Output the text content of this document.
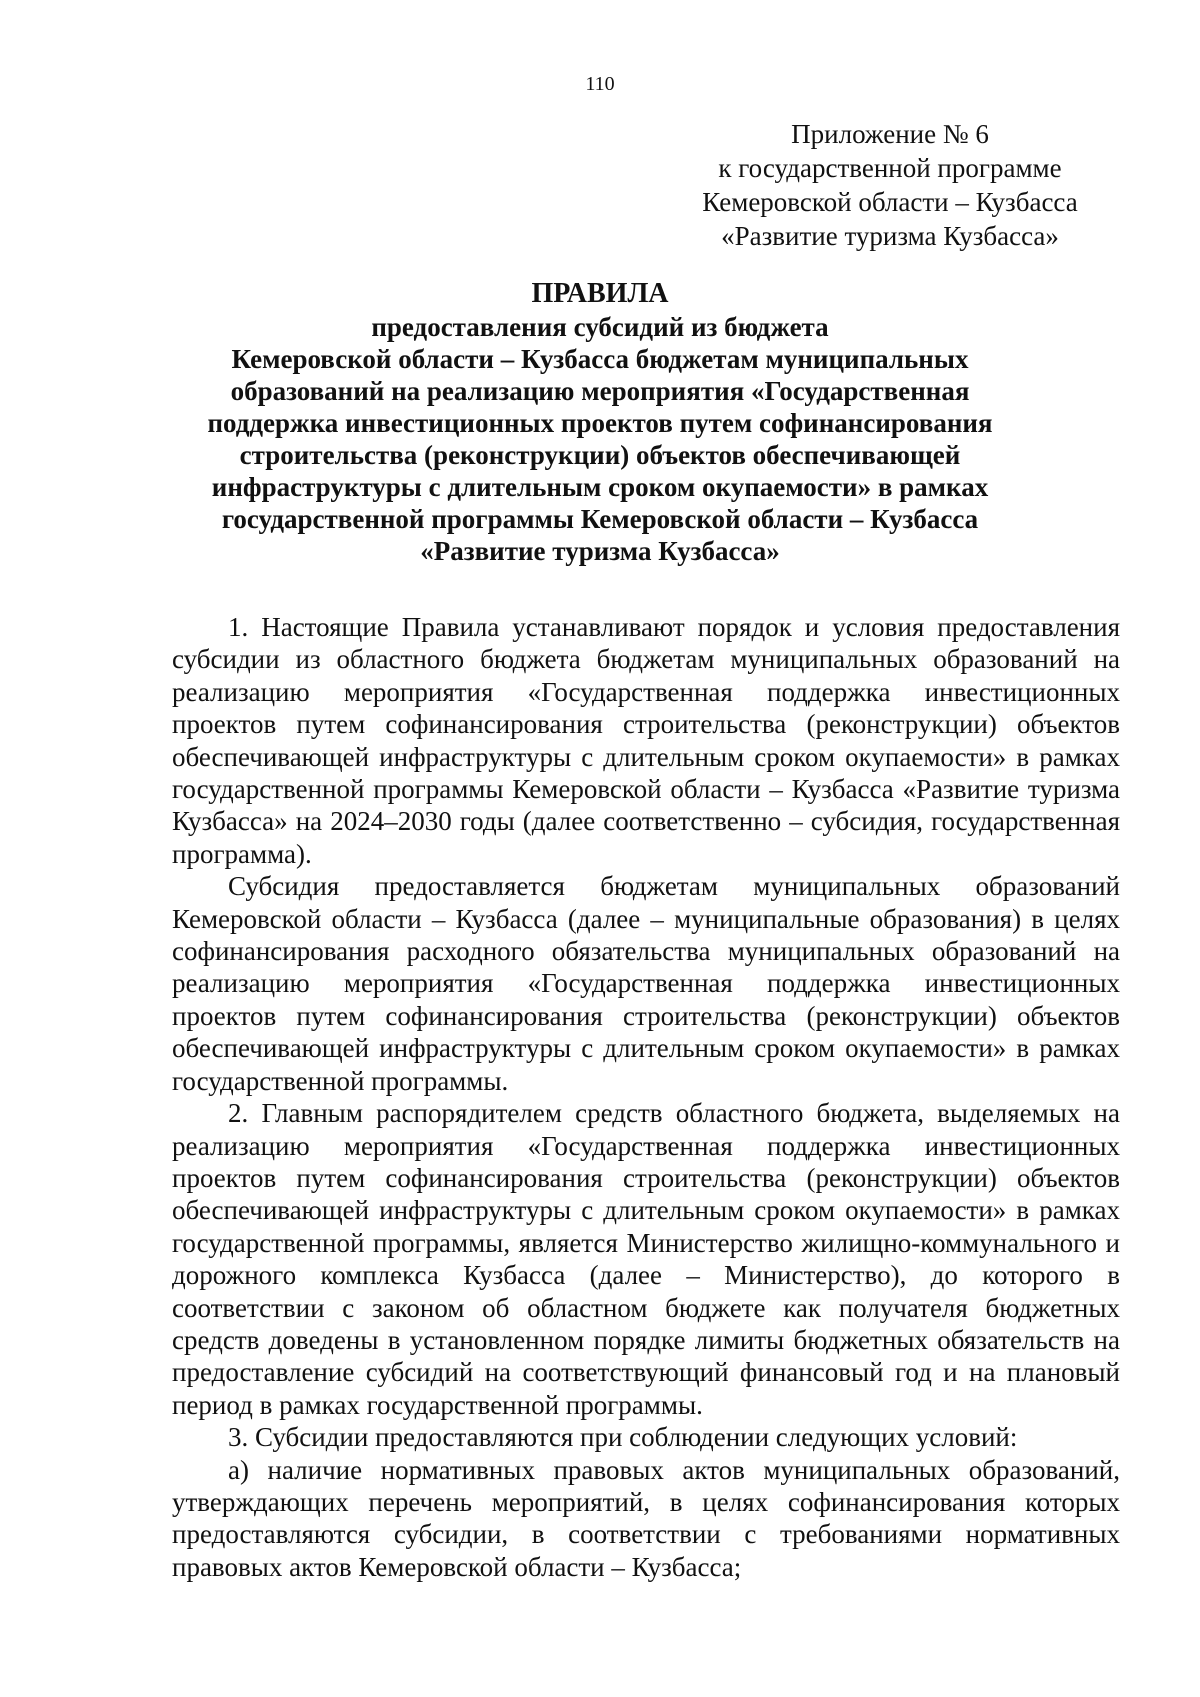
110
Приложение № 6
к государственной программе
Кемеровской области – Кузбасса
«Развитие туризма Кузбасса»
ПРАВИЛА
предоставления субсидий из бюджета
Кемеровской области – Кузбасса бюджетам муниципальных
образований на реализацию мероприятия «Государственная
поддержка инвестиционных проектов путем софинансирования
строительства (реконструкции) объектов обеспечивающей
инфраструктуры с длительным сроком окупаемости» в рамках
государственной программы Кемеровской области – Кузбасса
«Развитие туризма Кузбасса»

1. Настоящие Правила устанавливают порядок и условия предоставления субсидии из областного бюджета бюджетам муниципальных образований на реализацию мероприятия «Государственная поддержка инвестиционных проектов путем софинансирования строительства (реконструкции) объектов обеспечивающей инфраструктуры с длительным сроком окупаемости» в рамках государственной программы Кемеровской области – Кузбасса «Развитие туризма Кузбасса» на 2024–2030 годы (далее соответственно – субсидия, государственная программа).

Субсидия предоставляется бюджетам муниципальных образований Кемеровской области – Кузбасса (далее – муниципальные образования) в целях софинансирования расходного обязательства муниципальных образований на реализацию мероприятия «Государственная поддержка инвестиционных проектов путем софинансирования строительства (реконструкции) объектов обеспечивающей инфраструктуры с длительным сроком окупаемости» в рамках государственной программы.

2. Главным распорядителем средств областного бюджета, выделяемых на реализацию мероприятия «Государственная поддержка инвестиционных проектов путем софинансирования строительства (реконструкции) объектов обеспечивающей инфраструктуры с длительным сроком окупаемости» в рамках государственной программы, является Министерство жилищно-коммунального и дорожного комплекса Кузбасса (далее – Министерство), до которого в соответствии с законом об областном бюджете как получателя бюджетных средств доведены в установленном порядке лимиты бюджетных обязательств на предоставление субсидий на соответствующий финансовый год и на плановый период в рамках государственной программы.

3. Субсидии предоставляются при соблюдении следующих условий:

а) наличие нормативных правовых актов муниципальных образований, утверждающих перечень мероприятий, в целях софинансирования которых предоставляются субсидии, в соответствии с требованиями нормативных правовых актов Кемеровской области – Кузбасса;
